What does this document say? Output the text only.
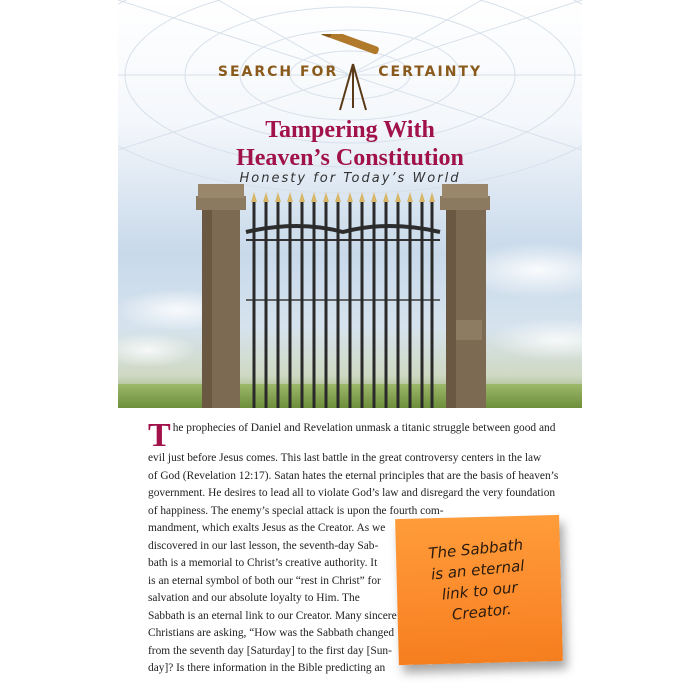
SEARCH FOR	CERTAINTY
Tampering With
Heaven’s Constitution
Honesty for Today’s World
T he prophecies of Daniel and Revelation unmask a titanic struggle between good and
evil just before Jesus comes. This last battle in the great controversy centers in the law
of God (Revelation 12:17). Satan hates the eternal principles that are the basis of heaven’s
government. He desires to lead all to violate God’s law and disregard the very foundation
of happiness. The enemy’s special attack is upon the fourth com-
mandment, which exalts Jesus as the Creator. As we
discovered in our last lesson, the seventh-day Sab-
bath is a memorial to Christ’s creative authority. It
is an eternal symbol of both our “rest in Christ” for
salvation and our absolute loyalty to Him. The
Sabbath is an eternal link to our Creator. Many sincere
Christians are asking, “How was the Sabbath changed
from the seventh day [Saturday] to the first day [Sun-
day]? Is there information in the Bible predicting an
The Sabbath
is an eternal
link to our
Creator.
